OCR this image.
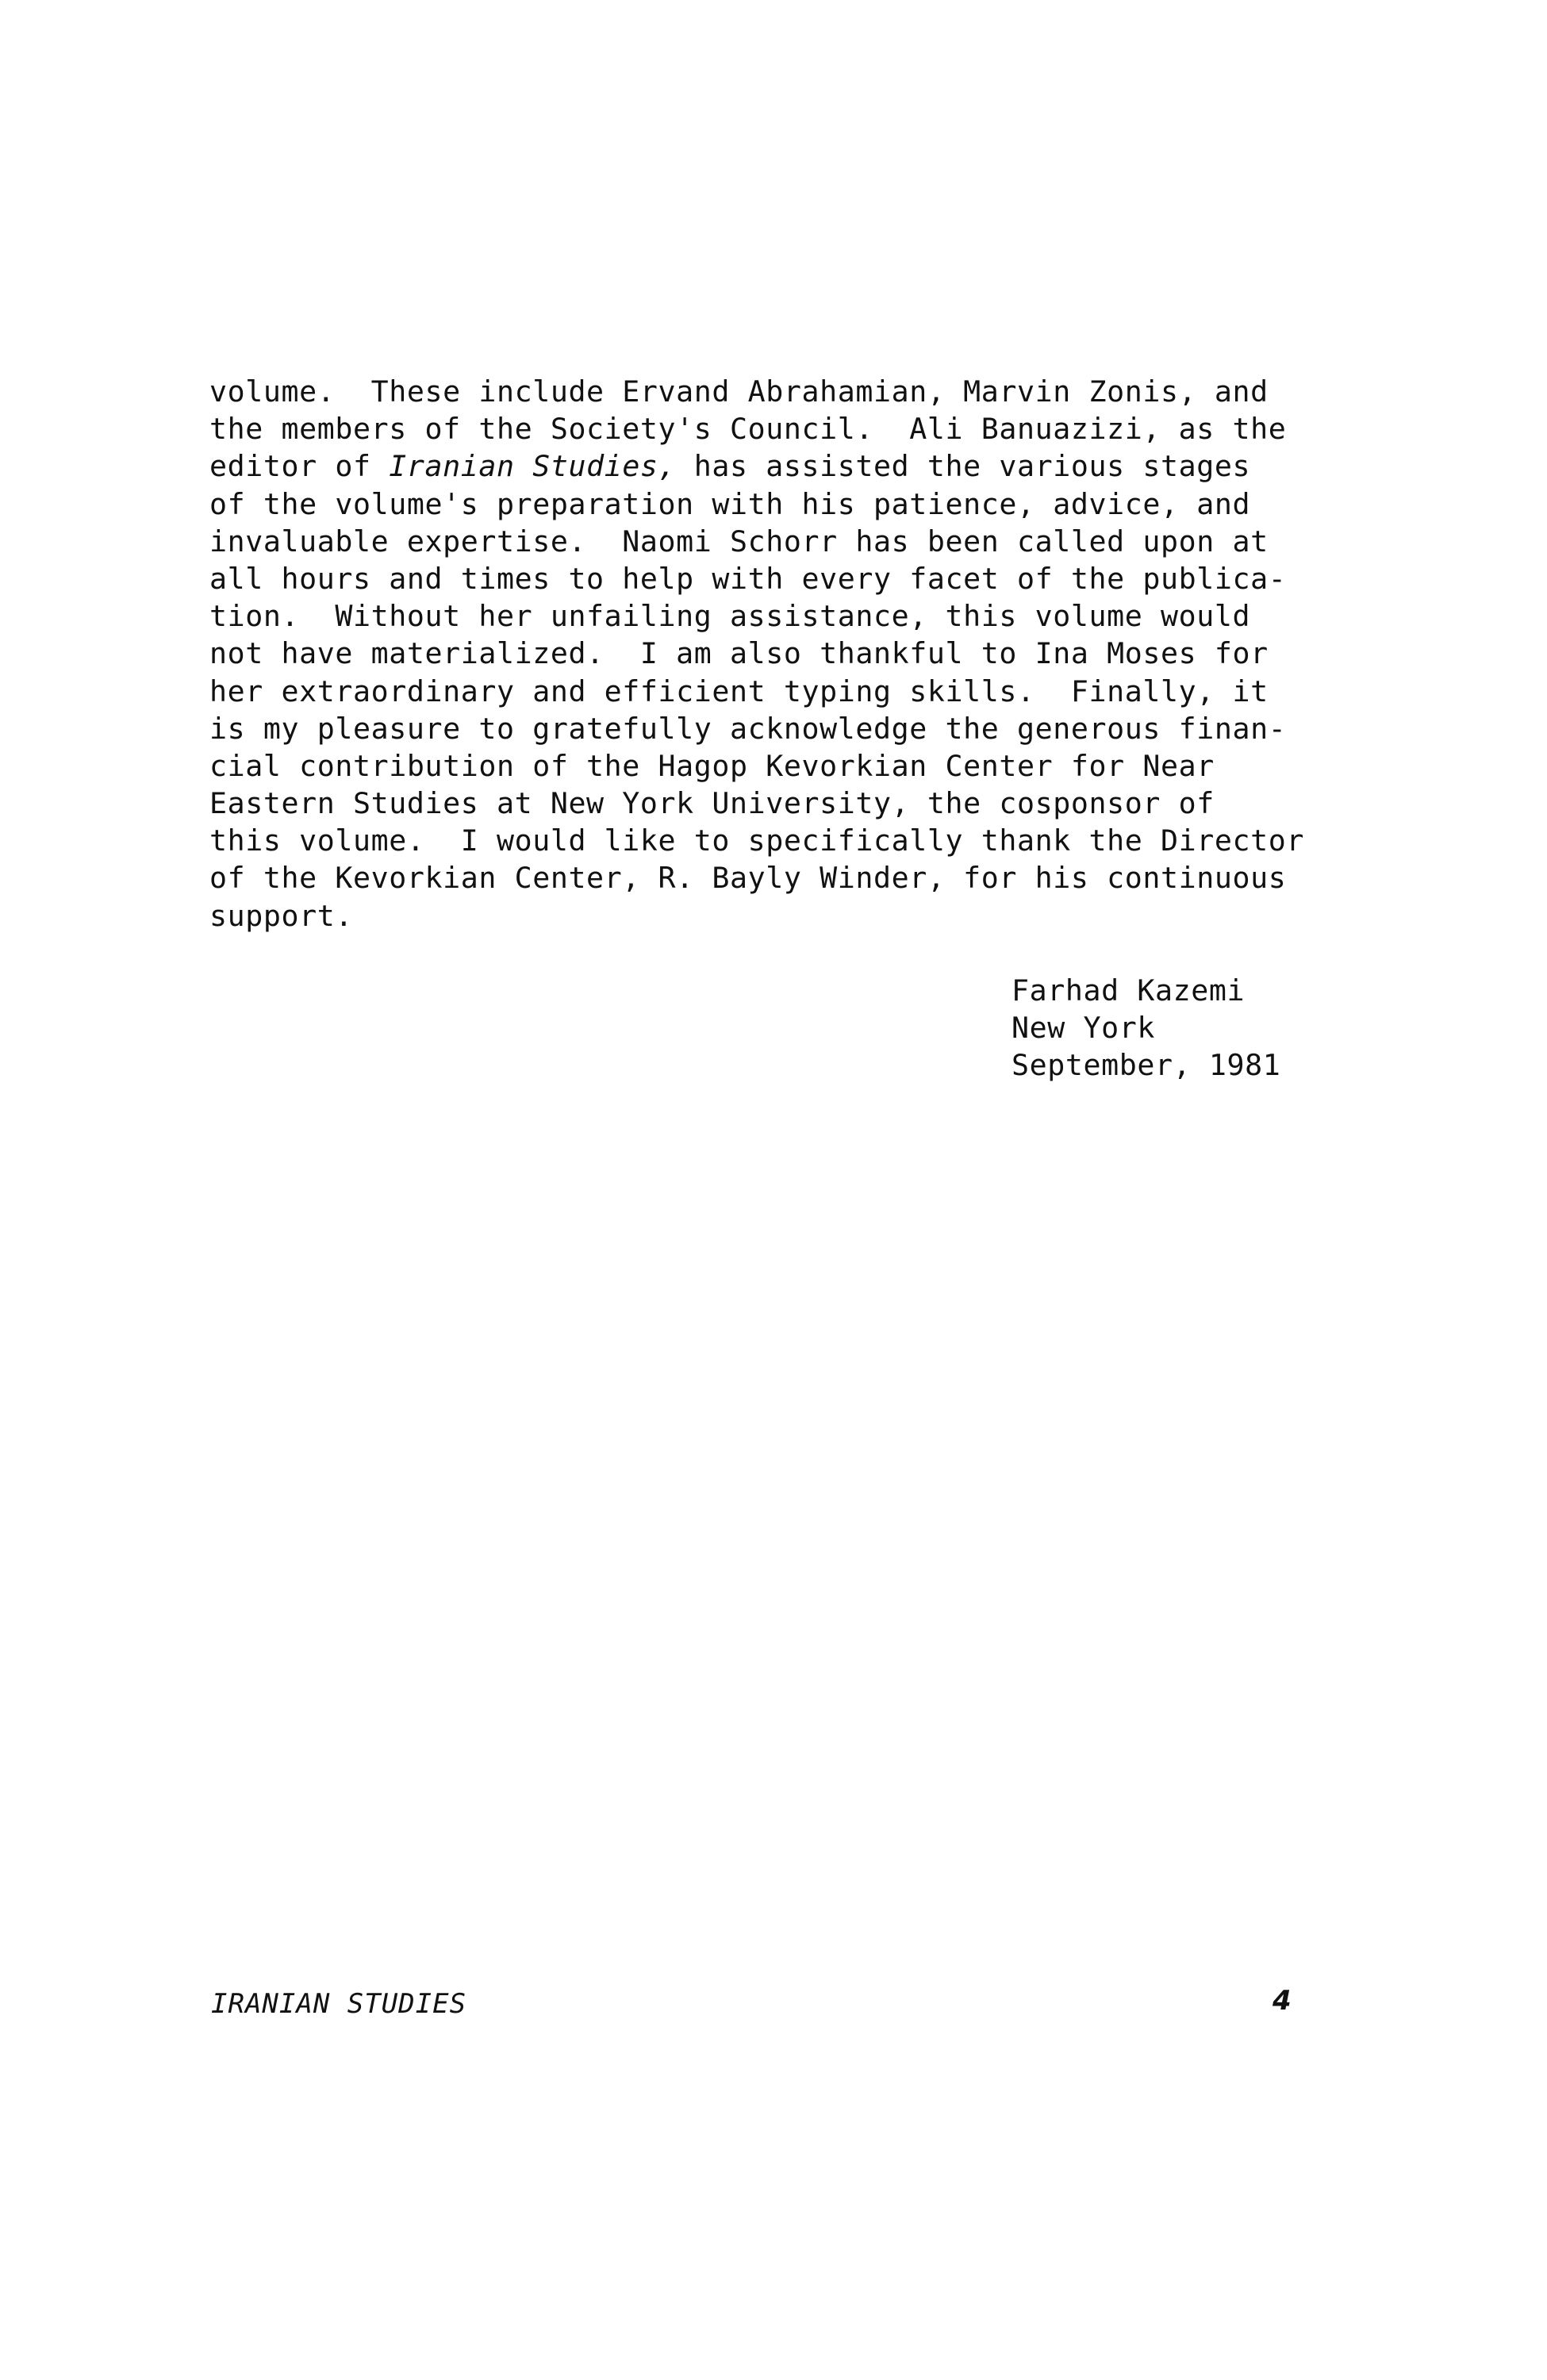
volume.  These include Ervand Abrahamian, Marvin Zonis, and
the members of the Society's Council.  Ali Banuazizi, as the
editor of Iranian Studies, has assisted the various stages
of the volume's preparation with his patience, advice, and
invaluable expertise.  Naomi Schorr has been called upon at
all hours and times to help with every facet of the publica-
tion.  Without her unfailing assistance, this volume would
not have materialized.  I am also thankful to Ina Moses for
her extraordinary and efficient typing skills.  Finally, it
is my pleasure to gratefully acknowledge the generous finan-
cial contribution of the Hagop Kevorkian Center for Near
Eastern Studies at New York University, the cosponsor of
this volume.  I would like to specifically thank the Director
of the Kevorkian Center, R. Bayly Winder, for his continuous
support.
Farhad Kazemi
New York
September, 1981
IRANIAN STUDIES	4
